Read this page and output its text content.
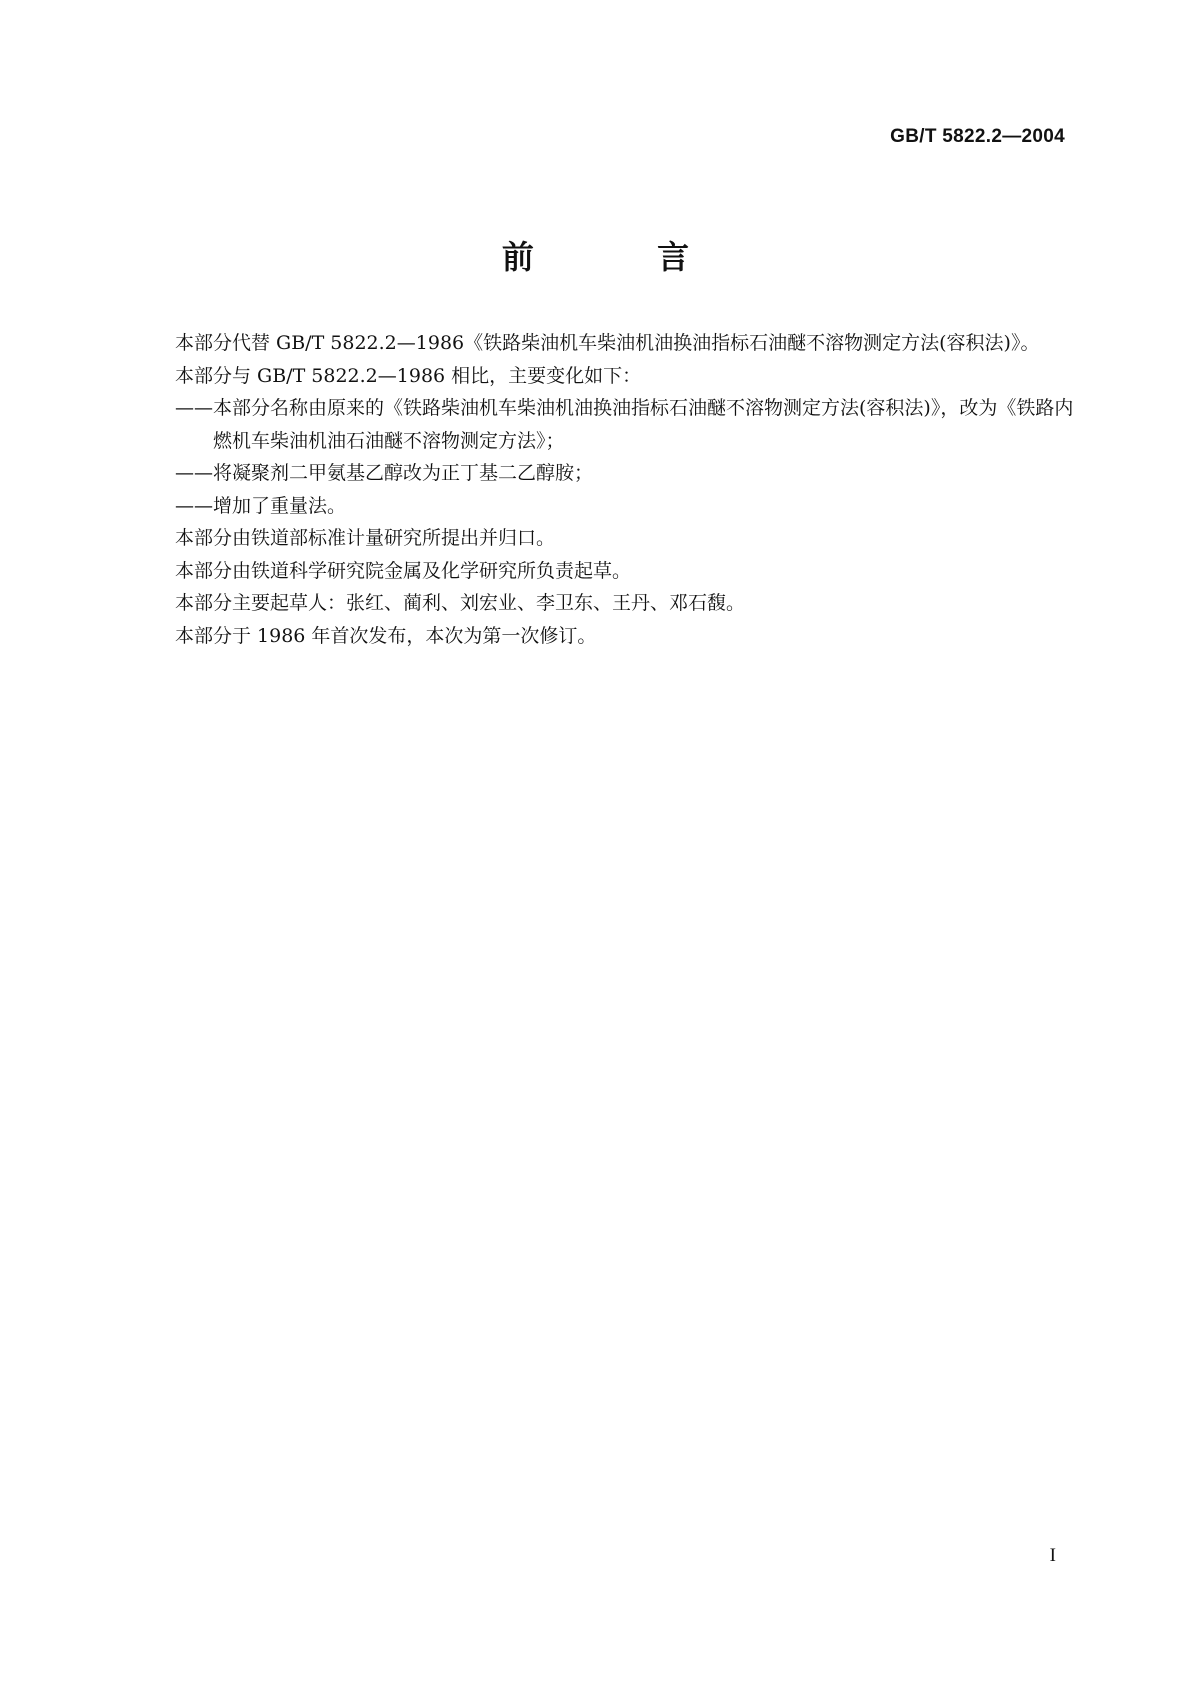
GB/T 5822.2—2004
前 言

本部分代替 GB/T 5822.2—1986《铁路柴油机车柴油机油换油指标石油醚不溶物测定方法(容积法)》。

本部分与 GB/T 5822.2—1986 相比，主要变化如下：

——本部分名称由原来的《铁路柴油机车柴油机油换油指标石油醚不溶物测定方法(容积法)》，改为《铁路内燃机车柴油机油石油醚不溶物测定方法》；

——将凝聚剂二甲氨基乙醇改为正丁基二乙醇胺；

——增加了重量法。

本部分由铁道部标准计量研究所提出并归口。

本部分由铁道科学研究院金属及化学研究所负责起草。

本部分主要起草人：张红、蔺利、刘宏业、李卫东、王丹、邓石馥。

本部分于 1986 年首次发布，本次为第一次修订。

I
